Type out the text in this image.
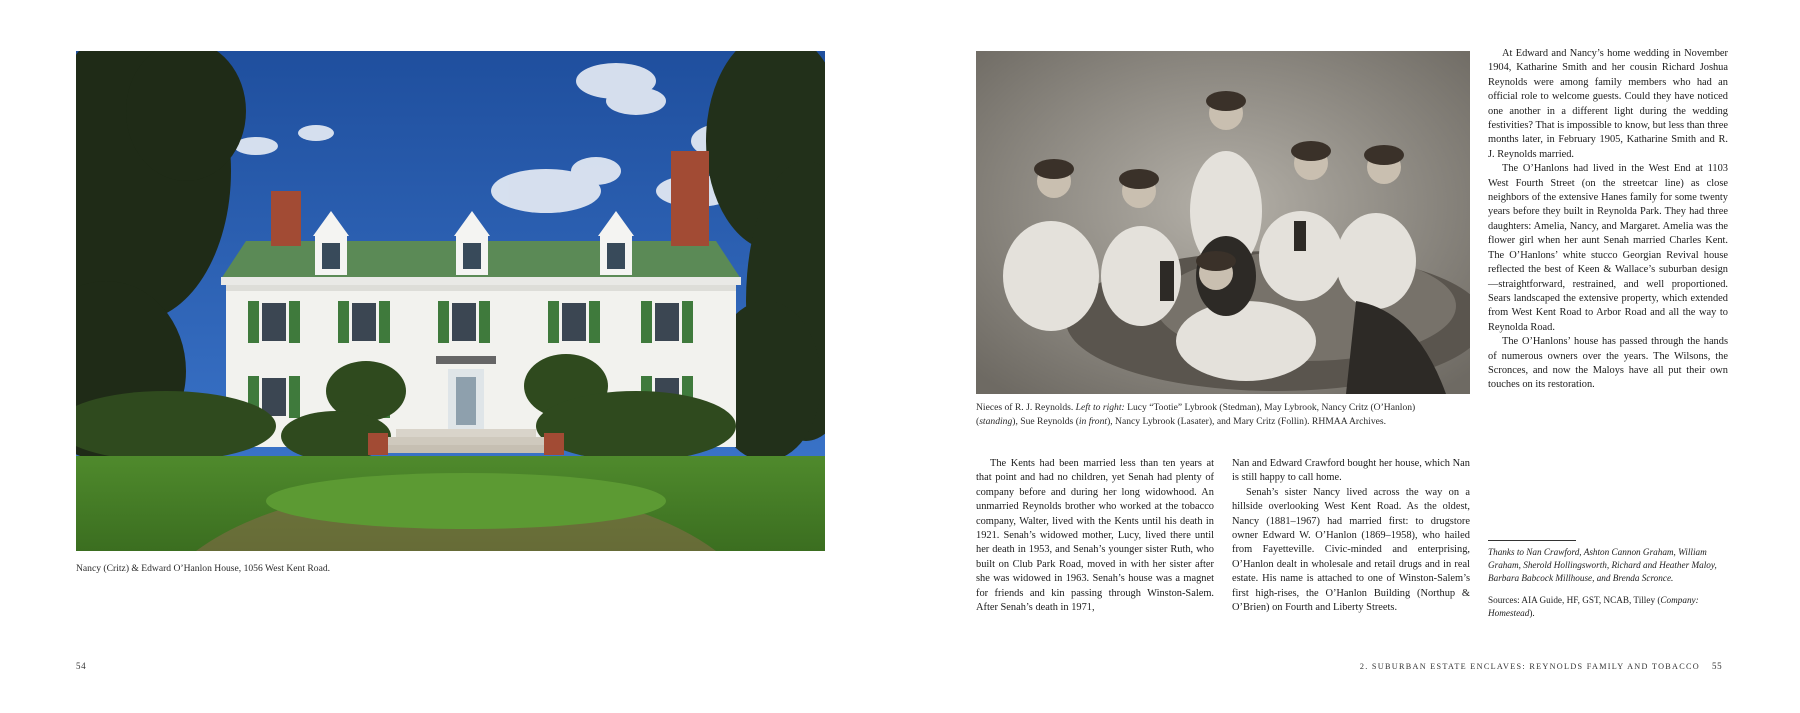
Nancy (Critz) & Edward O’Hanlon House, 1056 West Kent Road.
54
Nieces of R. J. Reynolds. Left to right: Lucy “Tootie” Lybrook (Stedman), May Lybrook, Nancy Critz (O’Hanlon) (standing), Sue Reynolds (in front), Nancy Lybrook (Lasater), and Mary Critz (Follin). RHMAA Archives.

At Edward and Nancy’s home wedding in November 1904, Katharine Smith and her cousin Richard Joshua Reynolds were among family members who had an official role to welcome guests. Could they have noticed one another in a different light during the wedding festivities? That is impossible to know, but less than three months later, in February 1905, Katharine Smith and R. J. Reynolds married.

The O’Hanlons had lived in the West End at 1103 West Fourth Street (on the streetcar line) as close neighbors of the extensive Hanes family for some twenty years before they built in Reynolda Park. They had three daughters: Amelia, Nancy, and Margaret. Amelia was the flower girl when her aunt Senah married Charles Kent. The O’Hanlons’ white stucco Georgian Revival house reflected the best of Keen & Wallace’s suburban design—straightforward, restrained, and well proportioned. Sears landscaped the extensive property, which extended from West Kent Road to Arbor Road and all the way to Reynolda Road.

The O’Hanlons’ house has passed through the hands of numerous owners over the years. The Wilsons, the Scronces, and now the Maloys have all put their own touches on its restoration.

The Kents had been married less than ten years at that point and had no children, yet Senah had plenty of company before and during her long widowhood. An unmarried Reynolds brother who worked at the tobacco company, Walter, lived with the Kents until his death in 1921. Senah’s widowed mother, Lucy, lived there until her death in 1953, and Senah’s younger sister Ruth, who built on Club Park Road, moved in with her sister after she was widowed in 1963. Senah’s house was a magnet for friends and kin passing through Winston-Salem. After Senah’s death in 1971,

Nan and Edward Crawford bought her house, which Nan is still happy to call home.

Senah’s sister Nancy lived across the way on a hillside overlooking West Kent Road. As the oldest, Nancy (1881–1967) had married first: to drugstore owner Edward W. O’Hanlon (1869–1958), who hailed from Fayetteville. Civic-minded and enterprising, O’Hanlon dealt in wholesale and retail drugs and in real estate. His name is attached to one of Winston-Salem’s first high-rises, the O’Hanlon Building (Northup & O’Brien) on Fourth and Liberty Streets.

Thanks to Nan Crawford, Ashton Cannon Graham, William Graham, Sherold Hollingsworth, Richard and Heather Maloy, Barbara Babcock Millhouse, and Brenda Scronce.

Sources: AIA Guide, HF, GST, NCAB, Tilley (Company: Homestead).

2. SUBURBAN ESTATE ENCLAVES: REYNOLDS FAMILY AND TOBACCO 55
